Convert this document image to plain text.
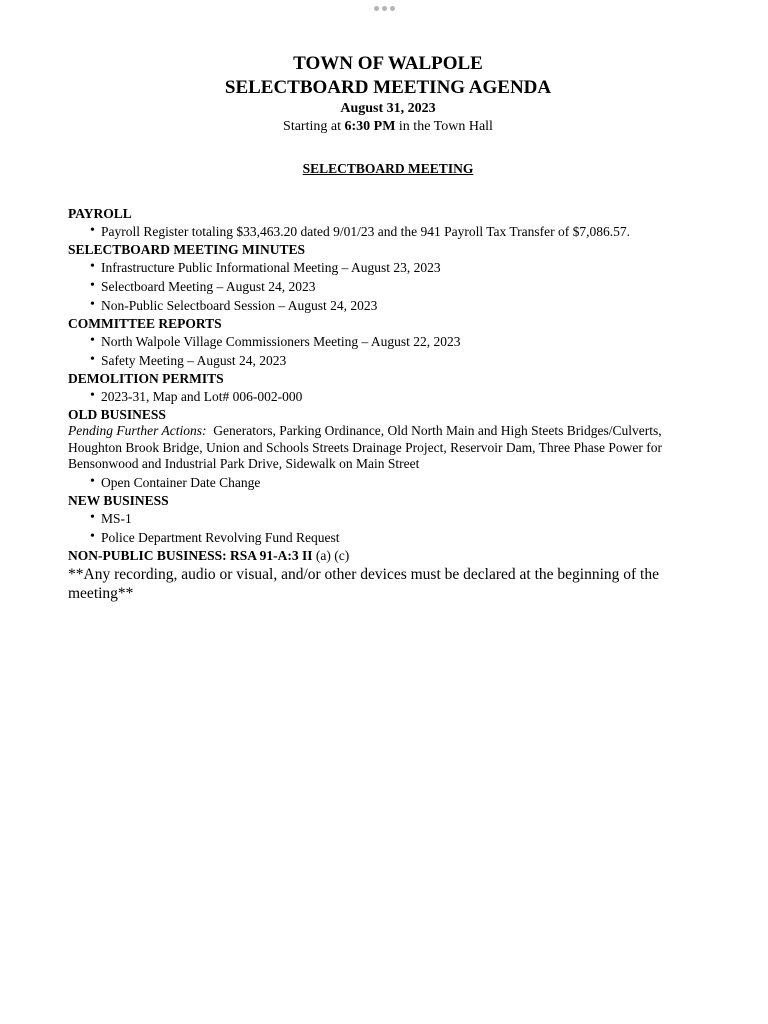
TOWN OF WALPOLE
SELECTBOARD MEETING AGENDA
August 31, 2023
Starting at 6:30 PM in the Town Hall
SELECTBOARD MEETING
PAYROLL
• Payroll Register totaling $33,463.20 dated 9/01/23 and the 941 Payroll Tax Transfer of $7,086.57.
SELECTBOARD MEETING MINUTES
• Infrastructure Public Informational Meeting – August 23, 2023
• Selectboard Meeting – August 24, 2023
• Non-Public Selectboard Session – August 24, 2023
COMMITTEE REPORTS
• North Walpole Village Commissioners Meeting – August 22, 2023
• Safety Meeting – August 24, 2023
DEMOLITION PERMITS
• 2023-31, Map and Lot# 006-002-000
OLD BUSINESS
Pending Further Actions:  Generators, Parking Ordinance, Old North Main and High Steets Bridges/Culverts, Houghton Brook Bridge, Union and Schools Streets Drainage Project, Reservoir Dam, Three Phase Power for Bensonwood and Industrial Park Drive, Sidewalk on Main Street
• Open Container Date Change
NEW BUSINESS
• MS-1
• Police Department Revolving Fund Request
NON-PUBLIC BUSINESS: RSA 91-A:3 II (a) (c)
**Any recording, audio or visual, and/or other devices must be declared at the beginning of the meeting**
